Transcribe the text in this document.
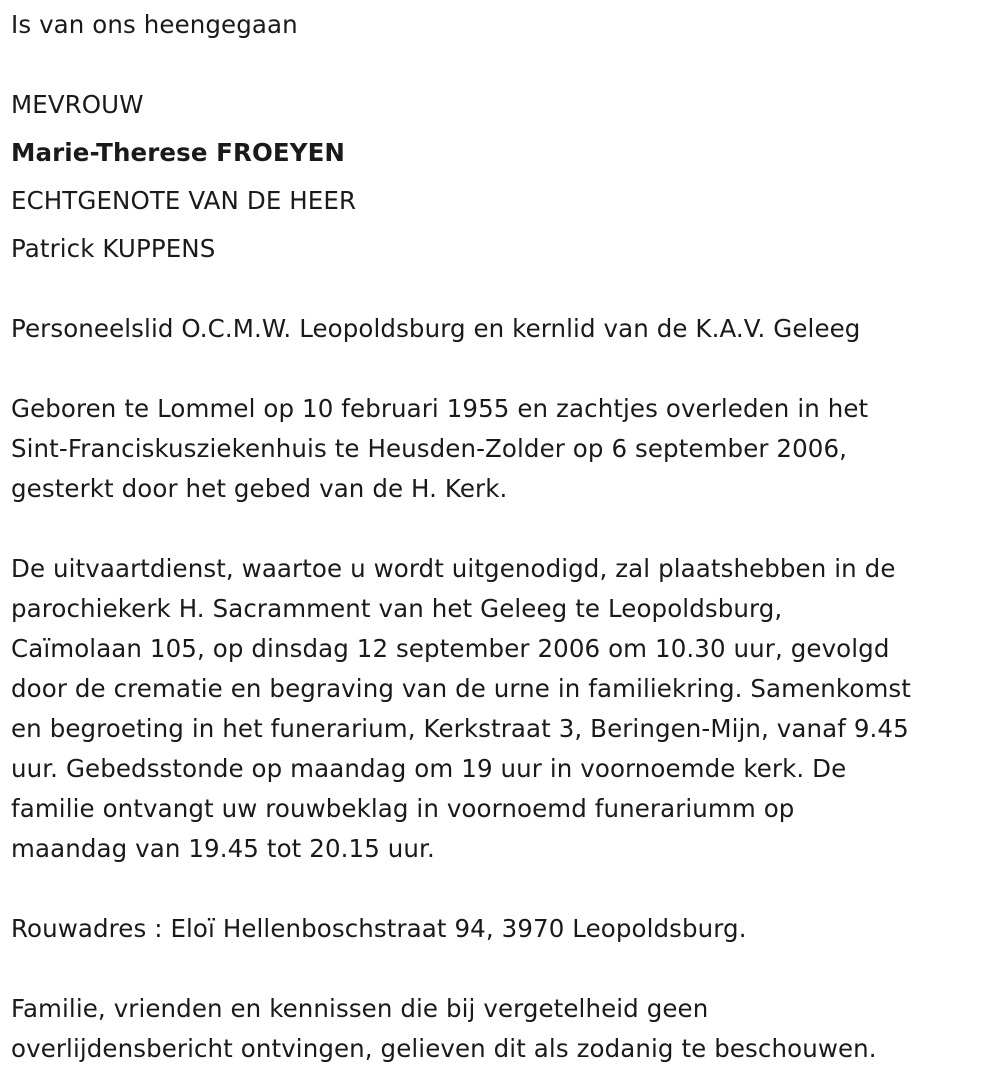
Is van ons heengegaan
MEVROUW
Marie-Therese FROEYEN
ECHTGENOTE VAN DE HEER
Patrick KUPPENS
Personeelslid O.C.M.W. Leopoldsburg en kernlid van de K.A.V. Geleeg
Geboren te Lommel op 10 februari 1955 en zachtjes overleden in het
Sint-Franciskusziekenhuis te Heusden-Zolder op 6 september 2006,
gesterkt door het gebed van de H. Kerk.
De uitvaartdienst, waartoe u wordt uitgenodigd, zal plaatshebben in de
parochiekerk H. Sacramment van het Geleeg te Leopoldsburg,
Caïmolaan 105, op dinsdag 12 september 2006 om 10.30 uur, gevolgd
door de crematie en begraving van de urne in familiekring. Samenkomst
en begroeting in het funerarium, Kerkstraat 3, Beringen-Mijn, vanaf 9.45
uur. Gebedsstonde op maandag om 19 uur in voornoemde kerk. De
familie ontvangt uw rouwbeklag in voornoemd funerariumm op
maandag van 19.45 tot 20.15 uur.
Rouwadres : Eloï Hellenboschstraat 94, 3970 Leopoldsburg.
Familie, vrienden en kennissen die bij vergetelheid geen
overlijdensbericht ontvingen, gelieven dit als zodanig te beschouwen.
